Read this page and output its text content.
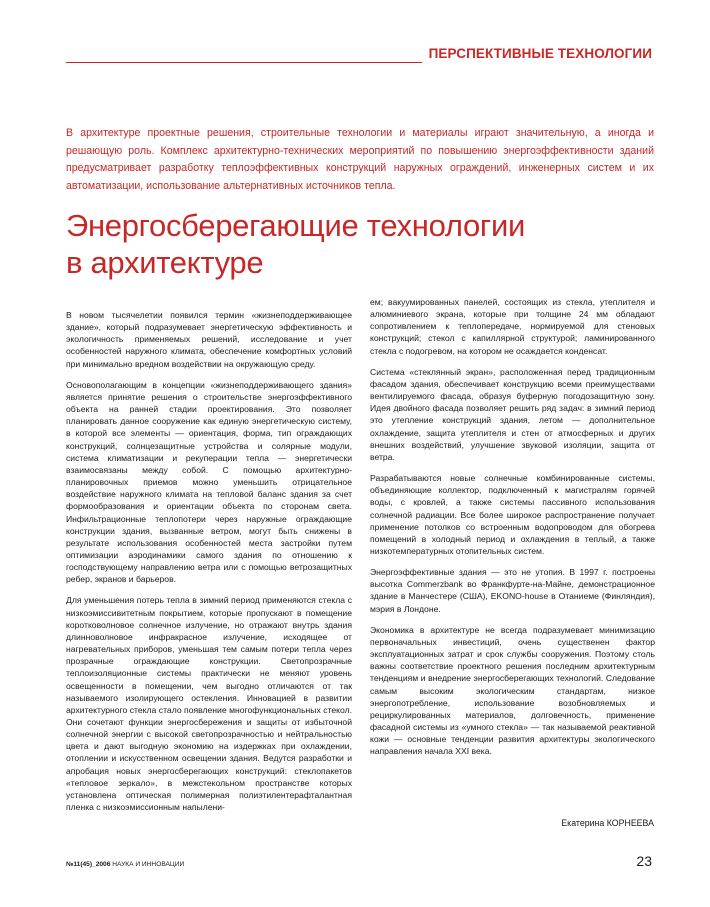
ПЕРСПЕКТИВНЫЕ ТЕХНОЛОГИИ
В архитектуре проектные решения, строительные технологии и материалы играют значительную, а иногда и решающую роль. Комплекс архитектурно-технических мероприятий по повышению энергоэффективности зданий предусматривает разработку теплоэффективных конструкций наружных ограждений, инженерных систем и их автоматизации, использование альтернативных источников тепла.
Энергосберегающие технологии
в архитектуре

В новом тысячелетии появился термин «жизнеподдерживающее здание», который подразумевает энергетическую эффективность и экологичность применяемых решений, исследование и учет особенностей наружного климата, обеспечение комфортных условий при минимально вредном воздействии на окружающую среду.

Основополагающим в концепции «жизнеподдерживающего здания» является принятие решения о строительстве энергоэффективного объекта на ранней стадии проектирования. Это позволяет планировать данное сооружение как единую энергетическую систему, в которой все элементы — ориентация, форма, тип ограждающих конструкций, солнцезащитные устройства и солярные модули, система климатизации и рекуперации тепла — энергетически взаимосвязаны между собой. С помощью архитектурно-планировочных приемов можно уменьшить отрицательное воздействие наружного климата на тепловой баланс здания за счет формообразования и ориентации объекта по сторонам света. Инфильтрационные теплопотери через наружные ограждающие конструкции здания, вызванные ветром, могут быть снижены в результате использования особенностей места застройки путем оптимизации аэродинамики самого здания по отношению к господствующему направлению ветра или с помощью ветрозащитных ребер, экранов и барьеров.

Для уменьшения потерь тепла в зимний период применяются стекла с низкоэмиссивитетным покрытием, которые пропускают в помещение коротковолновое солнечное излучение, но отражают внутрь здания длинноволновое инфракрасное излучение, исходящее от нагревательных приборов, уменьшая тем самым потери тепла через прозрачные ограждающие конструкции. Светопрозрачные теплоизоляционные системы практически не меняют уровень освещенности в помещении, чем выгодно отличаются от так называемого изолирующего остекления. Инновацией в развитии архитектурного стекла стало появление многофункциональных стекол. Они сочетают функции энергосбережения и защиты от избыточной солнечной энергии с высокой светопрозрачностью и нейтральностью цвета и дают выгодную экономию на издержках при охлаждении, отоплении и искусственном освещении здания. Ведутся разработки и апробация новых энергосберегающих конструкций: стеклопакетов «тепловое зеркало», в межстекольном пространстве которых установлена оптическая полимерная полиэтилентерафталантная пленка с низкоэмиссионным напылени-

ем; вакуумированных панелей, состоящих из стекла, утеплителя и алюминиевого экрана, которые при толщине 24 мм обладают сопротивлением к теплопередаче, нормируемой для стеновых конструкций; стекол с капиллярной структурой; ламинированного стекла с подогревом, на котором не осаждается конденсат.

Система «стеклянный экран», расположенная перед традиционным фасадом здания, обеспечивает конструкцию всеми преимуществами вентилируемого фасада, образуя буферную погодозащитную зону. Идея двойного фасада позволяет решить ряд задач: в зимний период это утепление конструкций здания, летом — дополнительное охлаждение, защита утеплителя и стен от атмосферных и других внешних воздействий, улучшение звуковой изоляции, защита от ветра.

Разрабатываются новые солнечные комбинированные системы, объединяющие коллектор, подключенный к магистралям горячей воды, с кровлей, а также системы пассивного использования солнечной радиации. Все более широкое распространение получает применение потолков со встроенным водопроводом для обогрева помещений в холодный период и охлаждения в теплый, а также низкотемпературных отопительных систем.

Энергоэффективные здания — это не утопия. В 1997 г. построены высотка Commerzbank во Франкфурте-на-Майне, демонстрационное здание в Манчестере (США), EKONO-house в Отаниеме (Финляндия), мэрия в Лондоне.

Экономика в архитектуре не всегда подразумевает минимизацию первоначальных инвестиций, очень существенен фактор эксплуатационных затрат и срок службы сооружения. Поэтому столь важны соответствие проектного решения последним архитектурным тенденциям и внедрение энергосберегающих технологий. Следование самым высоким экологическим стандартам, низкое энергопотребление, использование возобновляемых и рециркулированных материалов, долговечность, применение фасадной системы из «умного стекла» — так называемой реактивной кожи — основные тенденции развития архитектуры экологического направления начала XXI века.

Екатерина КОРНЕЕВА
№11(45)_2006 НАУКА И ИННОВАЦИИ	23
